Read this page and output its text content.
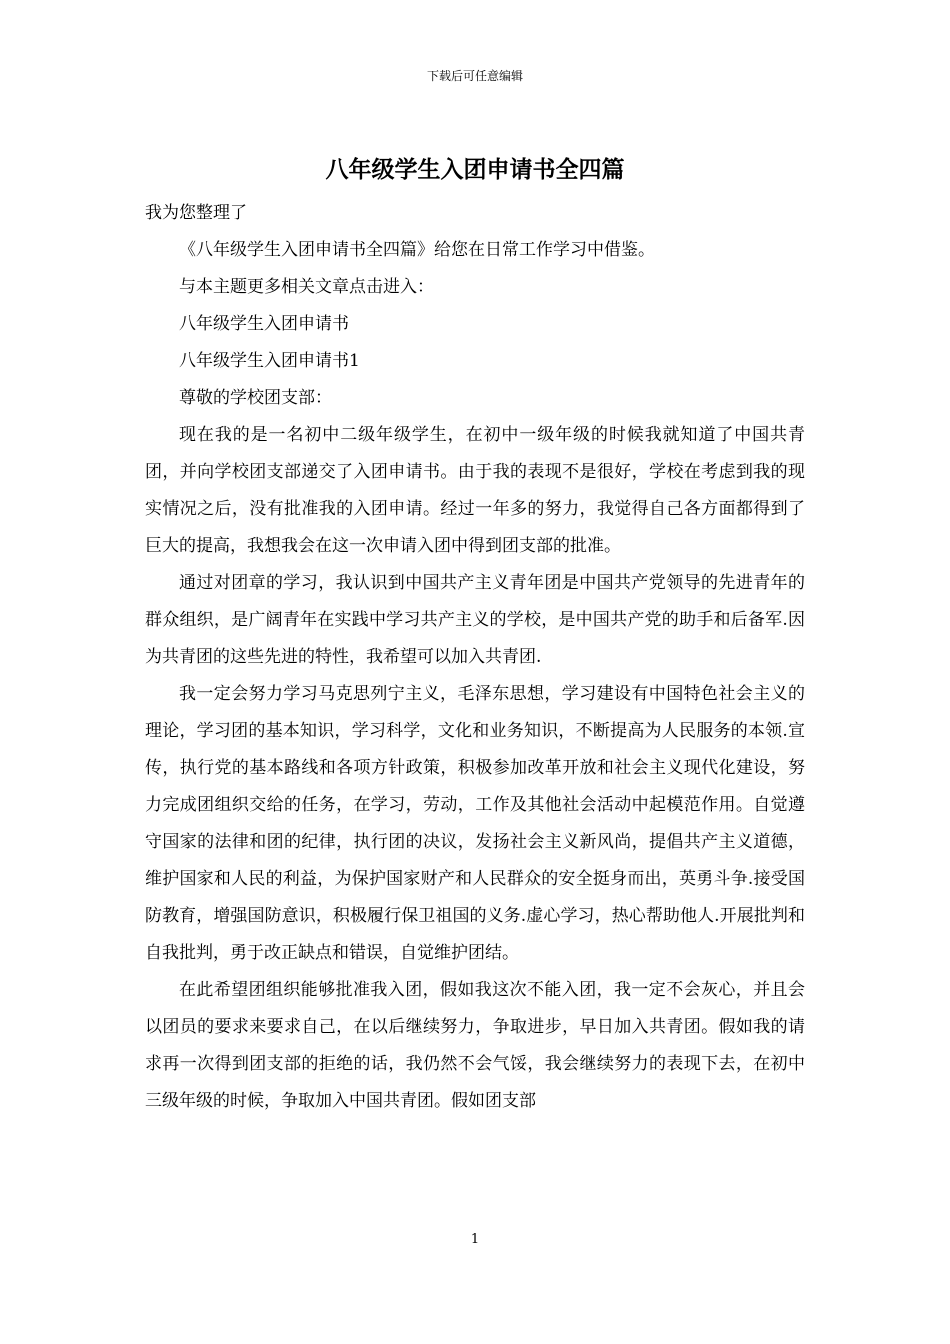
下载后可任意编辑
八年级学生入团申请书全四篇

我为您整理了

《八年级学生入团申请书全四篇》给您在日常工作学习中借鉴。

与本主题更多相关文章点击进入：

八年级学生入团申请书

八年级学生入团申请书1

尊敬的学校团支部：

现在我的是一名初中二级年级学生，在初中一级年级的时候我就知道了中国共青团，并向学校团支部递交了入团申请书。由于我的表现不是很好，学校在考虑到我的现实情况之后，没有批准我的入团申请。经过一年多的努力，我觉得自己各方面都得到了巨大的提高，我想我会在这一次申请入团中得到团支部的批准。

通过对团章的学习，我认识到中国共产主义青年团是中国共产党领导的先进青年的群众组织，是广阔青年在实践中学习共产主义的学校，是中国共产党的助手和后备军.因为共青团的这些先进的特性，我希望可以加入共青团.

我一定会努力学习马克思列宁主义，毛泽东思想，学习建设有中国特色社会主义的理论，学习团的基本知识，学习科学，文化和业务知识，不断提高为人民服务的本领.宣传，执行党的基本路线和各项方针政策，积极参加改革开放和社会主义现代化建设，努力完成团组织交给的任务，在学习，劳动，工作及其他社会活动中起模范作用。自觉遵守国家的法律和团的纪律，执行团的决议，发扬社会主义新风尚，提倡共产主义道德，维护国家和人民的利益，为保护国家财产和人民群众的安全挺身而出，英勇斗争.接受国防教育，增强国防意识，积极履行保卫祖国的义务.虚心学习，热心帮助他人.开展批判和自我批判，勇于改正缺点和错误，自觉维护团结。

在此希望团组织能够批准我入团，假如我这次不能入团，我一定不会灰心，并且会以团员的要求来要求自己，在以后继续努力，争取进步，早日加入共青团。假如我的请求再一次得到团支部的拒绝的话，我仍然不会气馁，我会继续努力的表现下去，在初中三级年级的时候，争取加入中国共青团。假如团支部

1
